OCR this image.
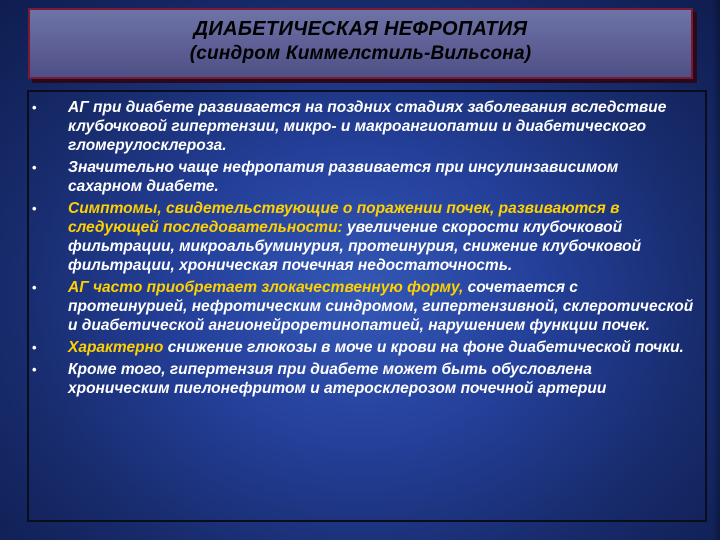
ДИАБЕТИЧЕСКАЯ НЕФРОПАТИЯ
(синдром Киммелстиль-Вильсона)
• АГ при диабете развивается на поздних стадиях заболевания вследствие клубочковой гипертензии, микро- и макроангиопатии и диабетического гломерулосклероза.
• Значительно чаще нефропатия развивается при инсулинзависимом сахарном диабете.
• Симптомы, свидетельствующие о поражении почек, развиваются в следующей последовательности: увеличение скорости клубочковой фильтрации, микроальбуминурия, протеинурия, снижение клубочковой фильтрации, хроническая почечная недостаточность.
• АГ часто приобретает злокачественную форму, сочетается с протеинурией, нефротическим синдромом, гипертензивной, склеротической и диабетической ангионейроретинопатией, нарушением функции почек.
• Характерно снижение глюкозы в моче и крови на фоне диабетической почки.
• Кроме того, гипертензия при диабете может быть обусловлена хроническим пиелонефритом и атеросклерозом почечной артерии
